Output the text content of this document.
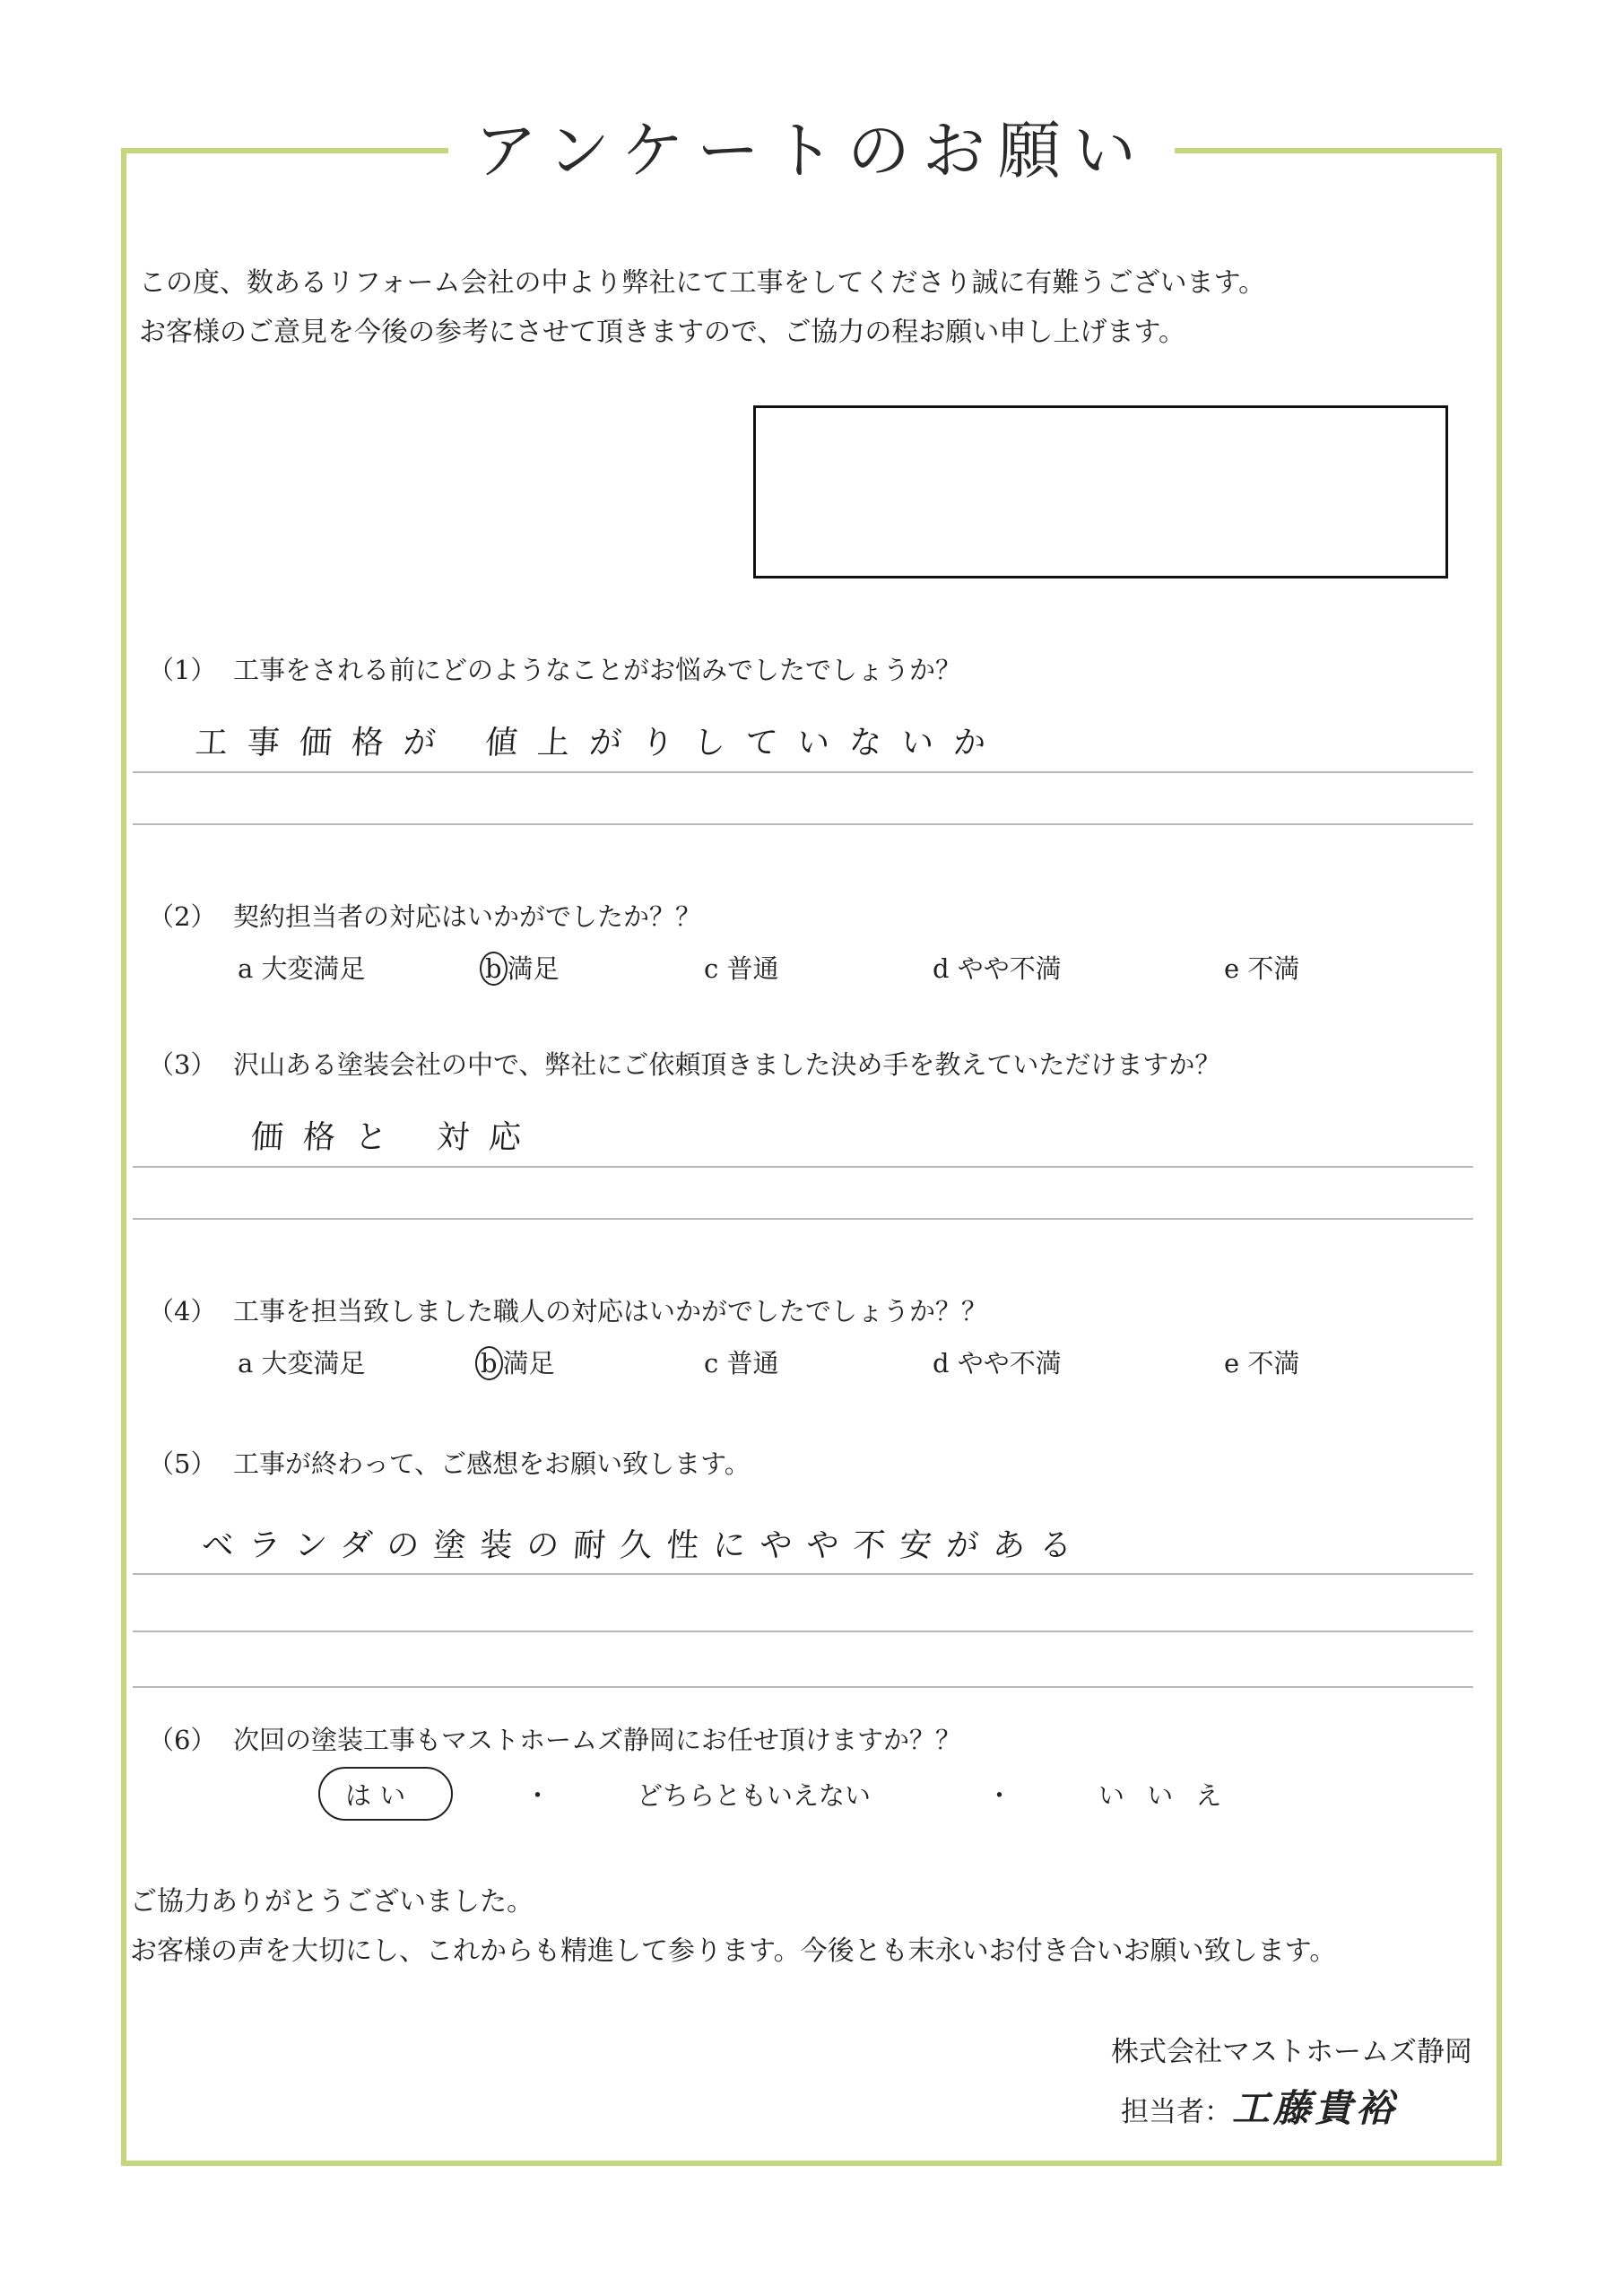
アンケートのお願い
この度、数あるリフォーム会社の中より弊社にて工事をしてくださり誠に有難うございます。
お客様のご意見を今後の参考にさせて頂きますので、ご協力の程お願い申し上げます。
（1） 工事をされる前にどのようなことがお悩みでしたでしょうか？
工事価格が 値上がりしていないか
（2） 契約担当者の対応はいかがでしたか？？
a 大変満足	b 満足	c 普通	d やや不満	e 不満
（3） 沢山ある塗装会社の中で、弊社にご依頼頂きました決め手を教えていただけますか？
価格と 対応
（4） 工事を担当致しました職人の対応はいかがでしたでしょうか？？
a 大変満足	b 満足	c 普通	d やや不満	e 不満
（5） 工事が終わって、ご感想をお願い致します。
ベランダの塗装の耐久性にやや不安がある
（6） 次回の塗装工事もマストホームズ静岡にお任せ頂けますか？？
は い	・	どちらともいえない	・	い い え
ご協力ありがとうございました。
お客様の声を大切にし、これからも精進して参ります。今後とも末永いお付き合いお願い致します。
株式会社マストホームズ静岡
担当者：工藤貴裕
